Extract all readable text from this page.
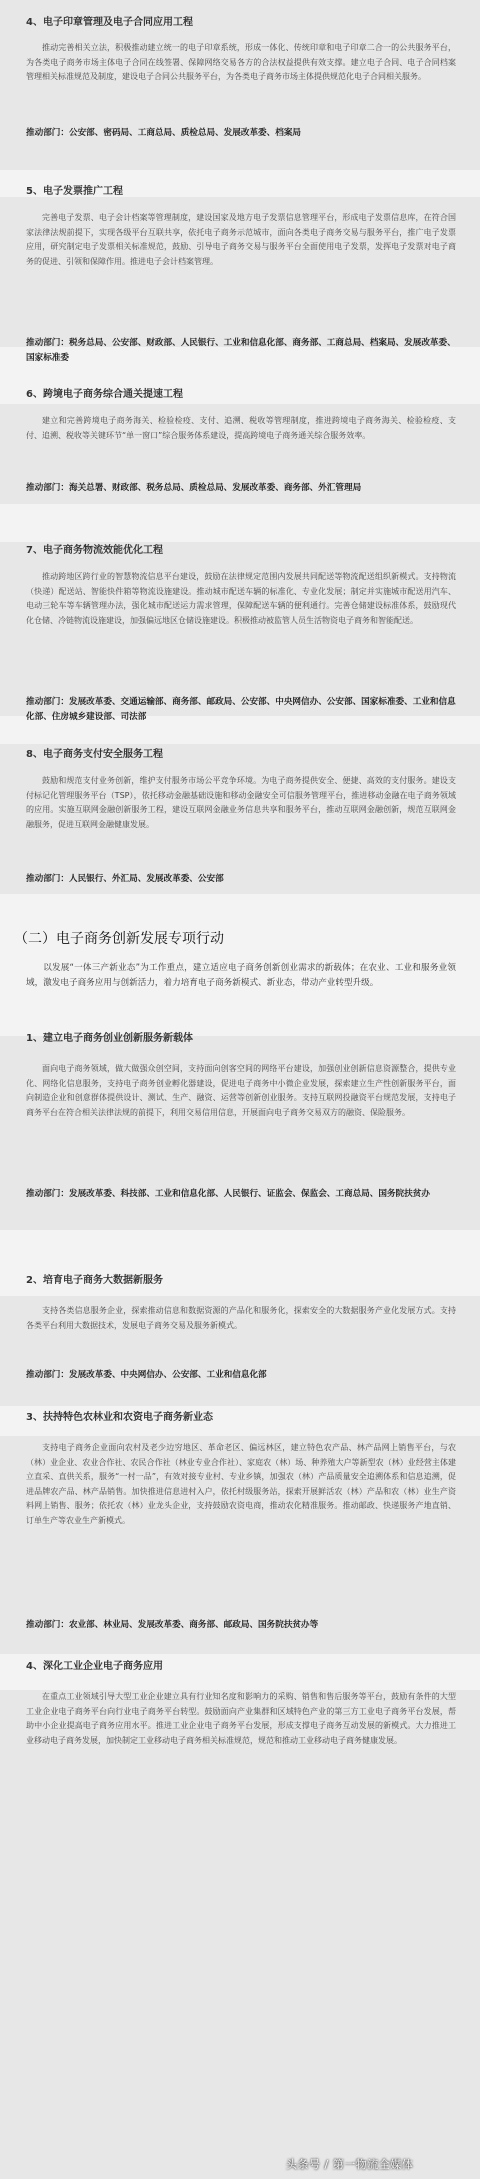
4、电子印章管理及电子合同应用工程

推动完善相关立法，积极推动建立统一的电子印章系统，形成一体化、传统印章和电子印章二合一的公共服务平台，为各类电子商务市场主体电子合同在线签署、保障网络交易各方的合法权益提供有效支撑。建立电子合同、电子合同档案管理相关标准规范及制度，建设电子合同公共服务平台，为各类电子商务市场主体提供规范化电子合同相关服务。

推动部门：公安部、密码局、工商总局、质检总局、发展改革委、档案局

5、电子发票推广工程

完善电子发票、电子会计档案等管理制度，建设国家及地方电子发票信息管理平台，形成电子发票信息库，在符合国家法律法规前提下，实现各级平台互联共享，依托电子商务示范城市，面向各类电子商务交易与服务平台，推广电子发票应用，研究制定电子发票相关标准规范，鼓励、引导电子商务交易与服务平台全面使用电子发票，发挥电子发票对电子商务的促进、引领和保障作用。推进电子会计档案管理。

推动部门：税务总局、公安部、财政部、人民银行、工业和信息化部、商务部、工商总局、档案局、发展改革委、国家标准委

6、跨境电子商务综合通关提速工程

建立和完善跨境电子商务海关、检验检疫、支付、追溯、税收等管理制度，推进跨境电子商务海关、检验检疫、支付、追溯、税收等关键环节“单一窗口”综合服务体系建设，提高跨境电子商务通关综合服务效率。

推动部门：海关总署、财政部、税务总局、质检总局、发展改革委、商务部、外汇管理局

7、电子商务物流效能优化工程

推动跨地区跨行业的智慧物流信息平台建设，鼓励在法律规定范围内发展共同配送等物流配送组织新模式。支持物流（快递）配送站、智能快件箱等物流设施建设。推动城市配送车辆的标准化、专业化发展；制定并实施城市配送用汽车、电动三轮车等车辆管理办法，强化城市配送运力需求管理，保障配送车辆的便利通行。完善仓储建设标准体系，鼓励现代化仓储、冷链物流设施建设，加强偏远地区仓储设施建设。积极推动被监管人员生活物资电子商务和智能配送。

推动部门：发展改革委、交通运输部、商务部、邮政局、公安部、中央网信办、公安部、国家标准委、工业和信息化部、住房城乡建设部、司法部

8、电子商务支付安全服务工程

鼓励和规范支付业务创新，维护支付服务市场公平竞争环境。为电子商务提供安全、便捷、高效的支付服务。建设支付标记化管理服务平台（TSP），依托移动金融基础设施和移动金融安全可信服务管理平台，推进移动金融在电子商务领域的应用。实施互联网金融创新服务工程，建设互联网金融业务信息共享和服务平台，推动互联网金融创新，规范互联网金融服务，促进互联网金融健康发展。

推动部门：人民银行、外汇局、发展改革委、公安部

（二）电子商务创新发展专项行动

以发展“一体三产新业态”为工作重点，建立适应电子商务创新创业需求的新载体；在农业、工业和服务业领域，激发电子商务应用与创新活力，着力培育电子商务新模式、新业态，带动产业转型升级。

1、建立电子商务创业创新服务新载体

面向电子商务领域，做大做强众创空间，支持面向创客空间的网络平台建设，加强创业创新信息资源整合，提供专业化、网络化信息服务，支持电子商务创业孵化器建设，促进电子商务中小微企业发展，探索建立生产性创新服务平台，面向制造企业和创意群体提供设计、测试、生产、融资、运营等创新创业服务。支持互联网投融资平台规范发展，支持电子商务平台在符合相关法律法规的前提下，利用交易信用信息，开展面向电子商务交易双方的融资、保险服务。

推动部门：发展改革委、科技部、工业和信息化部、人民银行、证监会、保监会、工商总局、国务院扶贫办

2、培育电子商务大数据新服务

支持各类信息服务企业，探索推动信息和数据资源的产品化和服务化，探索安全的大数据服务产业化发展方式。支持各类平台利用大数据技术，发展电子商务交易及服务新模式。

推动部门：发展改革委、中央网信办、公安部、工业和信息化部

3、扶持特色农林业和农资电子商务新业态

支持电子商务企业面向农村及老少边穷地区、革命老区、偏远林区，建立特色农产品、林产品网上销售平台，与农（林）业企业、农业合作社、农民合作社（林业专业合作社）、家庭农（林）场、种养殖大户等新型农（林）业经营主体建立直采、直供关系，服务“一村一品”，有效对接专业村、专业乡镇，加强农（林）产品质量安全追溯体系和信息追溯，促进品牌农产品、林产品销售。加快推进信息进村入户，依托村级服务站，探索开展鲜活农（林）产品和农（林）业生产资料网上销售、服务；依托农（林）业龙头企业，支持鼓励农资电商，推动农化精准服务。推动邮政、快递服务产地直销、订单生产等农业生产新模式。

推动部门：农业部、林业局、发展改革委、商务部、邮政局、国务院扶贫办等

4、深化工业企业电子商务应用

在重点工业领域引导大型工业企业建立具有行业知名度和影响力的采购、销售和售后服务等平台，鼓励有条件的大型工业企业电子商务平台向行业电子商务平台转型。鼓励面向产业集群和区域特色产业的第三方工业电子商务平台发展，帮助中小企业提高电子商务应用水平。推进工业企业电子商务平台发展，形成支撑电子商务互动发展的新模式。大力推进工业移动电子商务发展，加快制定工业移动电子商务相关标准规范，规范和推动工业移动电子商务健康发展。

头条号 / 第一物流全媒体
